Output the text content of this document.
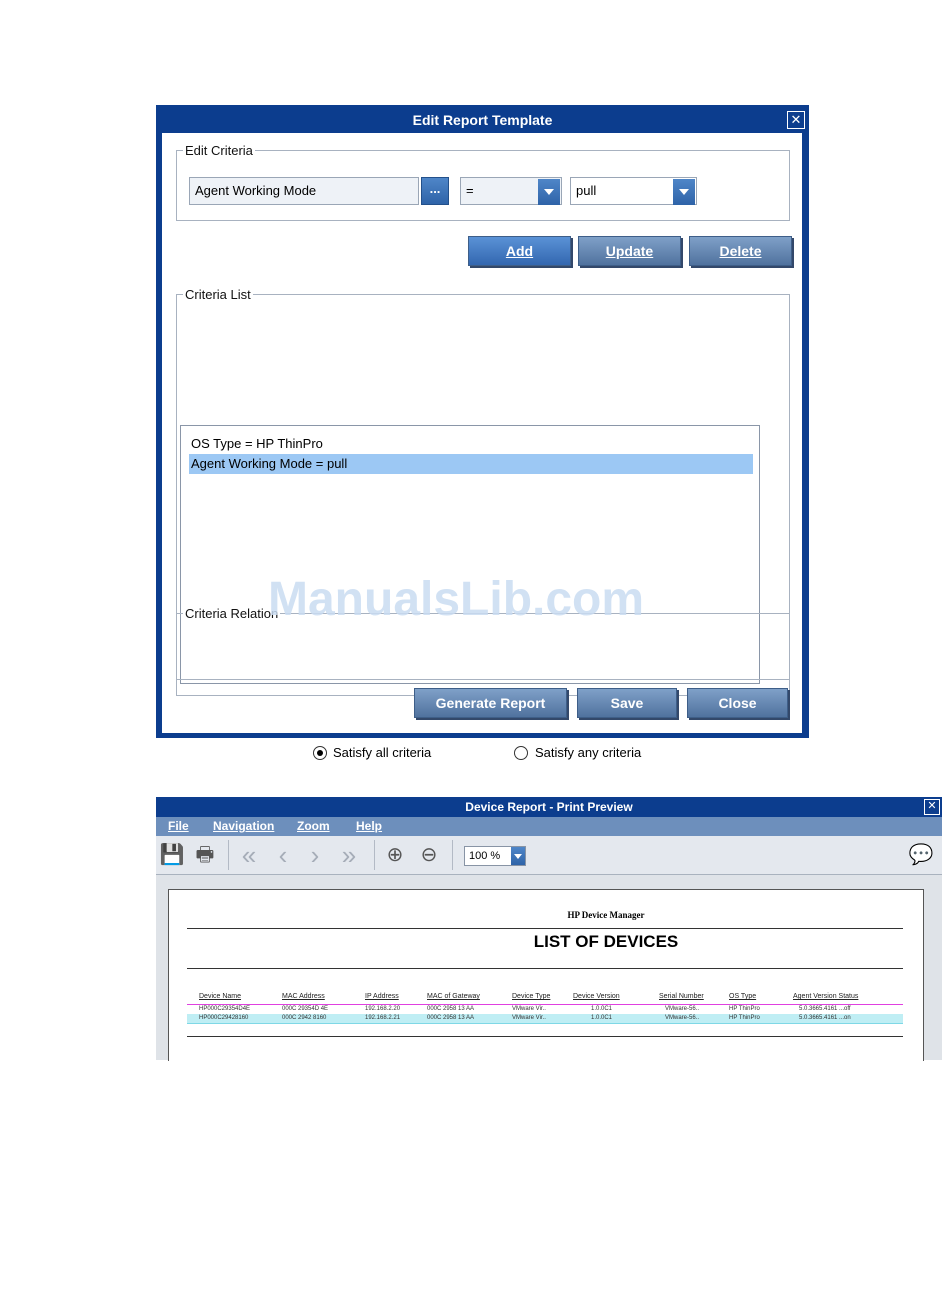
Edit Report Template	✕
Edit Criteria
Agent Working Mode	...	=	pull
Add	Update	Delete
Criteria List
OS Type = HP ThinPro
Agent Working Mode = pull
Criteria Relation
Satisfy all criteria	Satisfy any criteria
Generate Report	Save	Close
ManualsLib.com
Device Report - Print Preview	✕
File Navigation Zoom Help
💾 🖶 « ‹ › » ⊕ ⊖	100 %	💬
HP Device Manager
LIST OF DEVICES
Device Name	MAC Address	IP Address	MAC of Gateway	Device Type	Device Version	Serial Number	OS Type	Agent Version Status
HP000C29354D4E	000C 29354D 4E	192.168.2.20	000C 2958 13 AA	VMware Vir..	1.0.0C1	VMware-56..	HP ThinPro	5.0.3665.4161 ...off
HP000C29428160	000C 2942 8160	192.168.2.21	000C 2958 13 AA	VMware Vir..	1.0.0C1	VMware-56..	HP ThinPro	5.0.3665.4161 ...on
